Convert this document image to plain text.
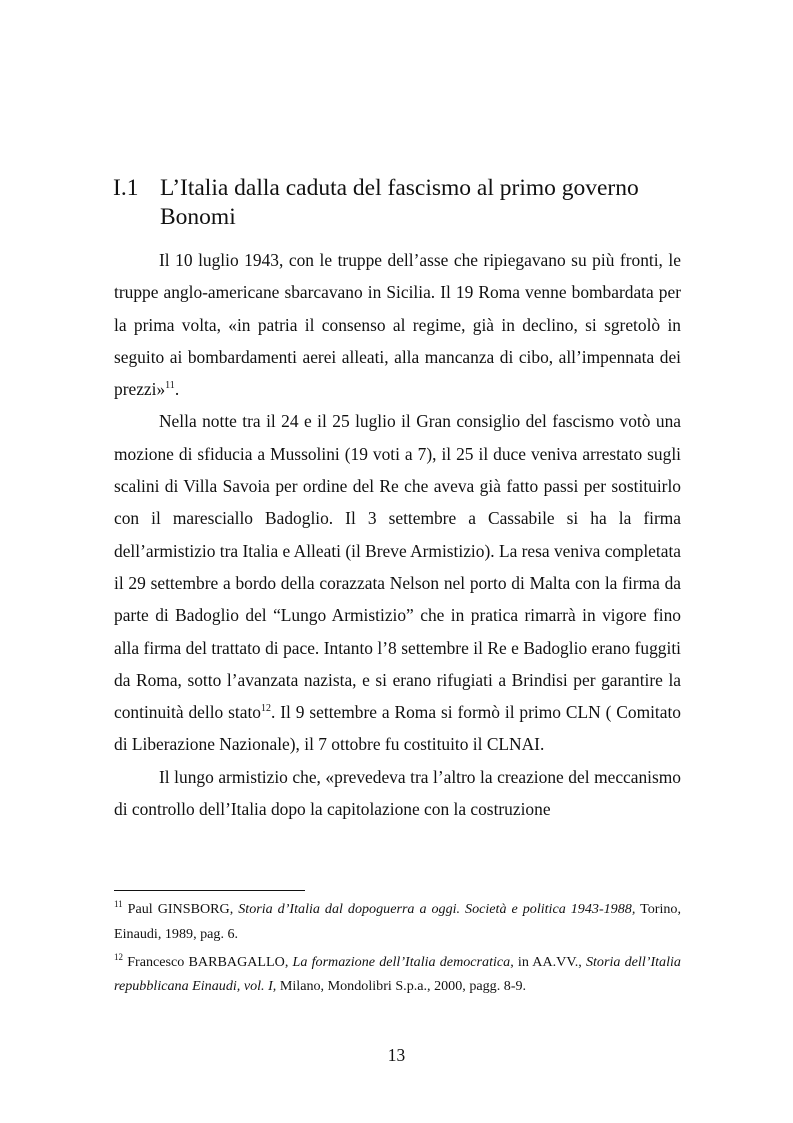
I.1 L’Italia dalla caduta del fascismo al primo governo Bonomi

Il 10 luglio 1943, con le truppe dell’asse che ripiegavano su più fronti, le truppe anglo-americane sbarcavano in Sicilia. Il 19 Roma venne bombardata per la prima volta, «in patria il consenso al regime, già in declino, si sgretolò in seguito ai bombardamenti aerei alleati, alla mancanza di cibo, all’impennata dei prezzi»$^{11}$.

Nella notte tra il 24 e il 25 luglio il Gran consiglio del fascismo votò una mozione di sfiducia a Mussolini (19 voti a 7), il 25 il duce veniva arrestato sugli scalini di Villa Savoia per ordine del Re che aveva già fatto passi per sostituirlo con il maresciallo Badoglio. Il 3 settembre a Cassabile si ha la firma dell’armistizio tra Italia e Alleati (il Breve Armistizio). La resa veniva completata il 29 settembre a bordo della corazzata Nelson nel porto di Malta con la firma da parte di Badoglio del “Lungo Armistizio” che in pratica rimarrà in vigore fino alla firma del trattato di pace. Intanto l’8 settembre il Re e Badoglio erano fuggiti da Roma, sotto l’avanzata nazista, e si erano rifugiati a Brindisi per garantire la continuità dello stato$^{12}$. Il 9 settembre a Roma si formò il primo CLN ( Comitato di Liberazione Nazionale), il 7 ottobre fu costituito il CLNAI.

Il lungo armistizio che, «prevedeva tra l’altro la creazione del meccanismo di controllo dell’Italia dopo la capitolazione con la costruzione

$^{11}$ Paul GINSBORG, Storia d’Italia dal dopoguerra a oggi. Società e politica 1943-1988, Torino, Einaudi, 1989, pag. 6.

$^{12}$ Francesco BARBAGALLO, La formazione dell’Italia democratica, in AA.VV., Storia dell’Italia repubblicana Einaudi, vol. I, Milano, Mondolibri S.p.a., 2000, pagg. 8-9.

13
